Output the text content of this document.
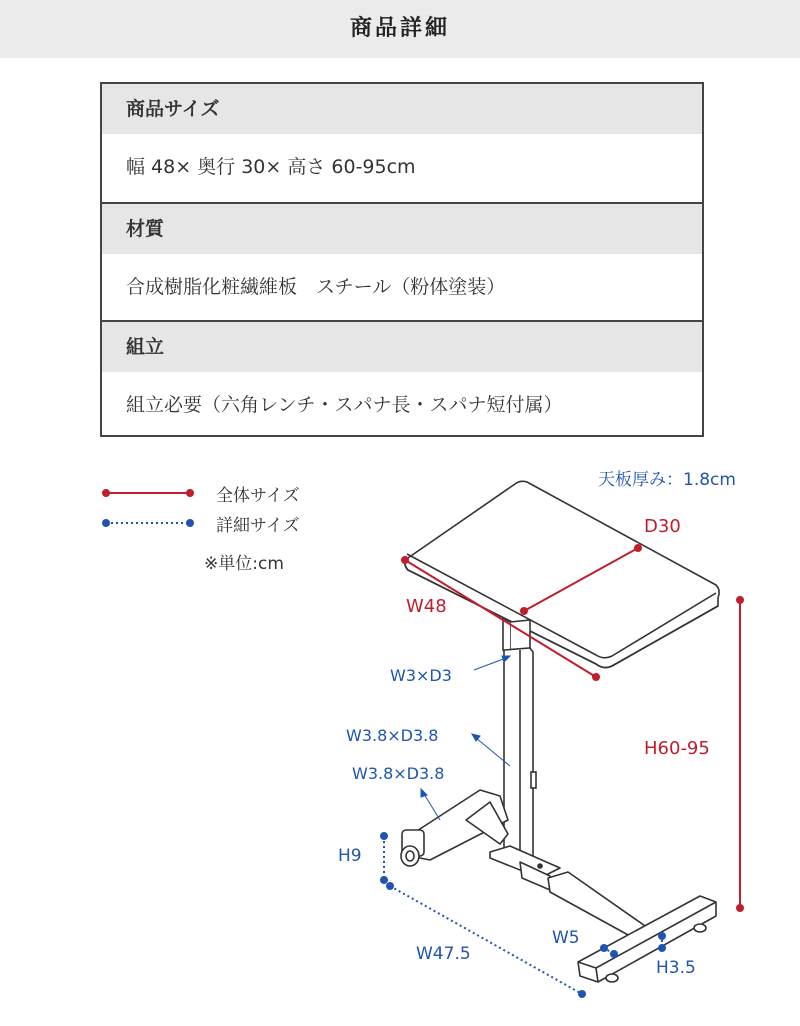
商品詳細
商品サイズ
幅 48× 奥行 30× 高さ 60-95cm
材質
合成樹脂化粧繊維板　スチール（粉体塗装）
組立
組立必要（六角レンチ・スパナ長・スパナ短付属）
全体サイズ
詳細サイズ
※単位:cm
天板厚み：1.8cm
D30
W48
H60-95
W3×D3
W3.8×D3.8
W3.8×D3.8
H9
W47.5
W5
H3.5
